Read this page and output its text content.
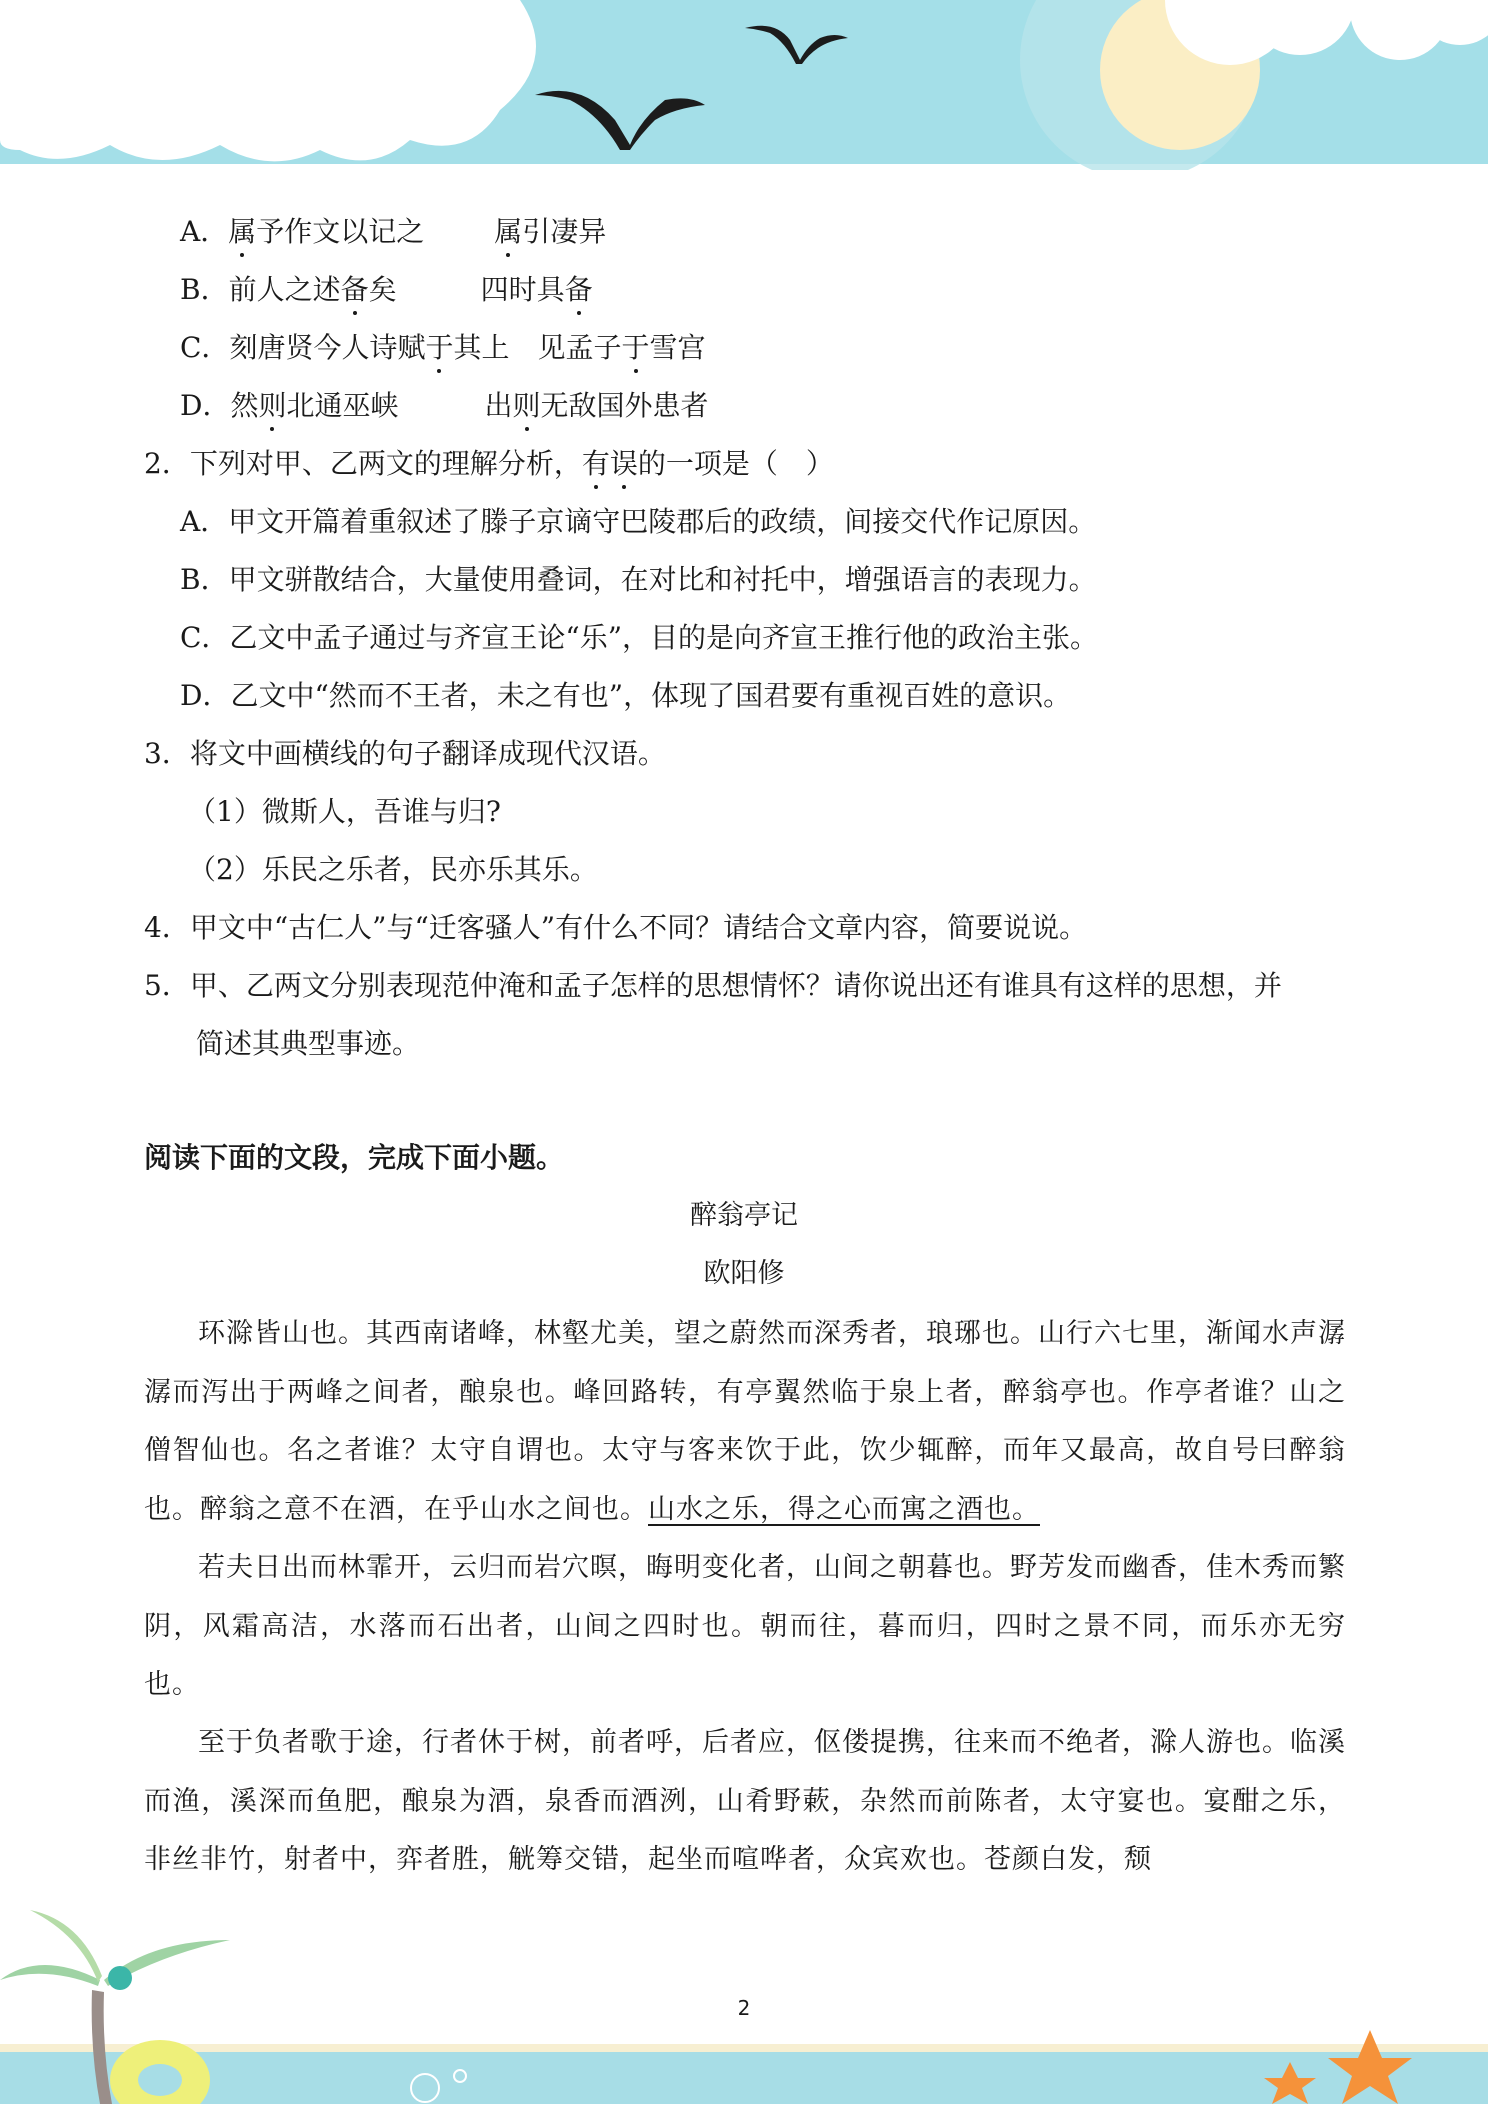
A．属予作文以记之	属引凄异
B．前人之述备矣	四时具备
C．刻唐贤今人诗赋于其上 见孟子于雪宫
D．然则北通巫峡	出则无敌国外患者
2．下列对甲、乙两文的理解分析，有误的一项是（　）
A．甲文开篇着重叙述了滕子京谪守巴陵郡后的政绩，间接交代作记原因。
B．甲文骈散结合，大量使用叠词，在对比和衬托中，增强语言的表现力。
C．乙文中孟子通过与齐宣王论“乐”，目的是向齐宣王推行他的政治主张。
D．乙文中“然而不王者，未之有也”，体现了国君要有重视百姓的意识。
3．将文中画横线的句子翻译成现代汉语。
（1）微斯人，吾谁与归?
（2）乐民之乐者，民亦乐其乐。
4．甲文中“古仁人”与“迁客骚人”有什么不同？请结合文章内容，简要说说。
5．甲、乙两文分别表现范仲淹和孟子怎样的思想情怀？请你说出还有谁具有这样的思想，并
简述其典型事迹。
阅读下面的文段，完成下面小题。
醉翁亭记
欧阳修
环滁皆山也。其西南诸峰，林壑尤美，望之蔚然而深秀者，琅琊也。山行六七里，渐闻水声潺潺而泻出于两峰之间者，酿泉也。峰回路转，有亭翼然临于泉上者，醉翁亭也。作亭者谁？山之僧智仙也。名之者谁？太守自谓也。太守与客来饮于此，饮少辄醉，而年又最高，故自号曰醉翁也。醉翁之意不在酒，在乎山水之间也。山水之乐，得之心而寓之酒也。
若夫日出而林霏开，云归而岩穴暝，晦明变化者，山间之朝暮也。野芳发而幽香，佳木秀而繁阴，风霜高洁，水落而石出者，山间之四时也。朝而往，暮而归，四时之景不同，而乐亦无穷也。
至于负者歌于途，行者休于树，前者呼，后者应，伛偻提携，往来而不绝者，滁人游也。临溪而渔，溪深而鱼肥，酿泉为酒，泉香而酒洌，山肴野蔌，杂然而前陈者，太守宴也。宴酣之乐，非丝非竹，射者中，弈者胜，觥筹交错，起坐而喧哗者，众宾欢也。苍颜白发，颓
2
